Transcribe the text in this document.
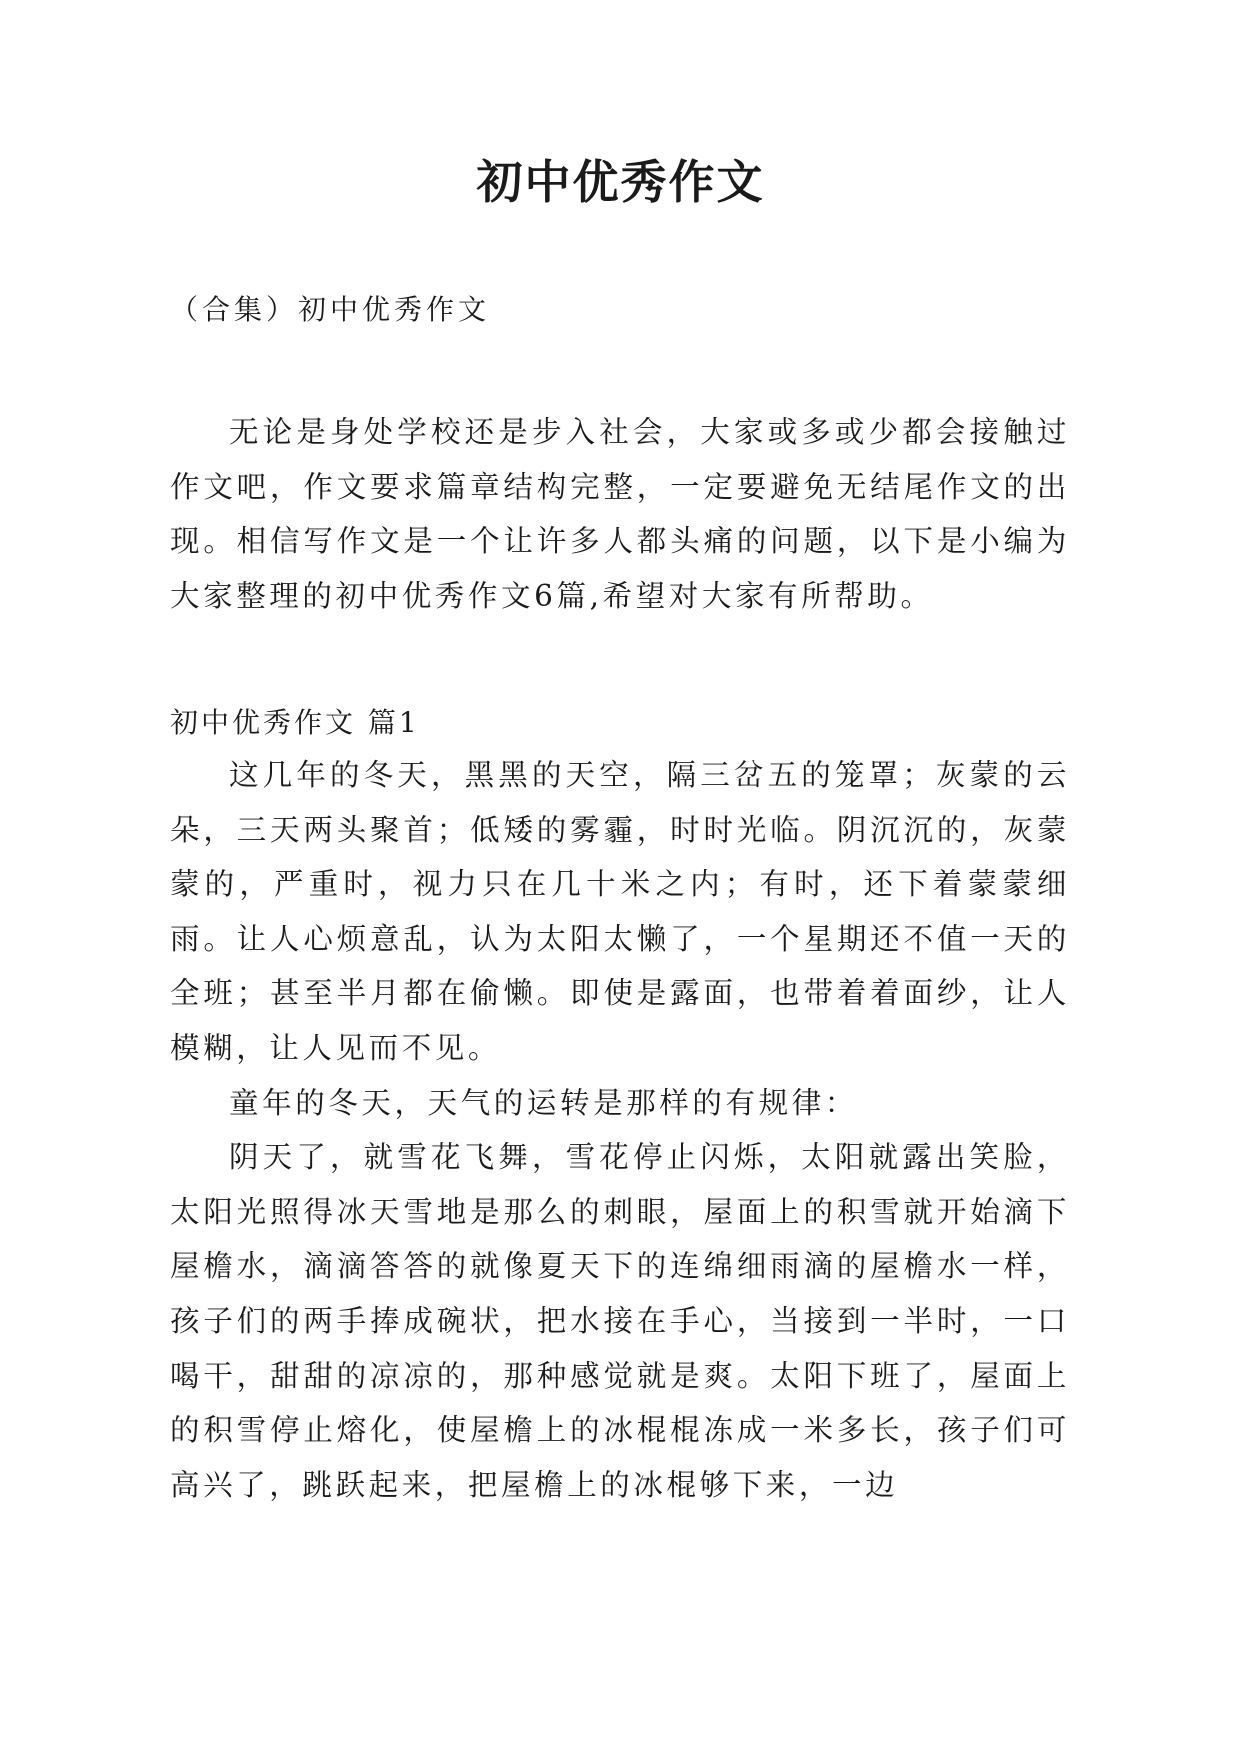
初中优秀作文
（合集）初中优秀作文

无论是身处学校还是步入社会，大家或多或少都会接触过作文吧，作文要求篇章结构完整，一定要避免无结尾作文的出现。相信写作文是一个让许多人都头痛的问题，以下是小编为大家整理的初中优秀作文6篇,希望对大家有所帮助。

初中优秀作文 篇1

这几年的冬天，黑黑的天空，隔三岔五的笼罩；灰蒙的云朵，三天两头聚首；低矮的雾霾，时时光临。阴沉沉的，灰蒙蒙的，严重时，视力只在几十米之内；有时，还下着蒙蒙细雨。让人心烦意乱，认为太阳太懒了，一个星期还不值一天的全班；甚至半月都在偷懒。即使是露面，也带着着面纱，让人模糊，让人见而不见。

童年的冬天，天气的运转是那样的有规律：

阴天了，就雪花飞舞，雪花停止闪烁，太阳就露出笑脸，太阳光照得冰天雪地是那么的刺眼，屋面上的积雪就开始滴下屋檐水，滴滴答答的就像夏天下的连绵细雨滴的屋檐水一样，孩子们的两手捧成碗状，把水接在手心，当接到一半时，一口喝干，甜甜的凉凉的，那种感觉就是爽。太阳下班了，屋面上的积雪停止熔化，使屋檐上的冰棍棍冻成一米多长，孩子们可高兴了，跳跃起来，把屋檐上的冰棍够下来，一边
